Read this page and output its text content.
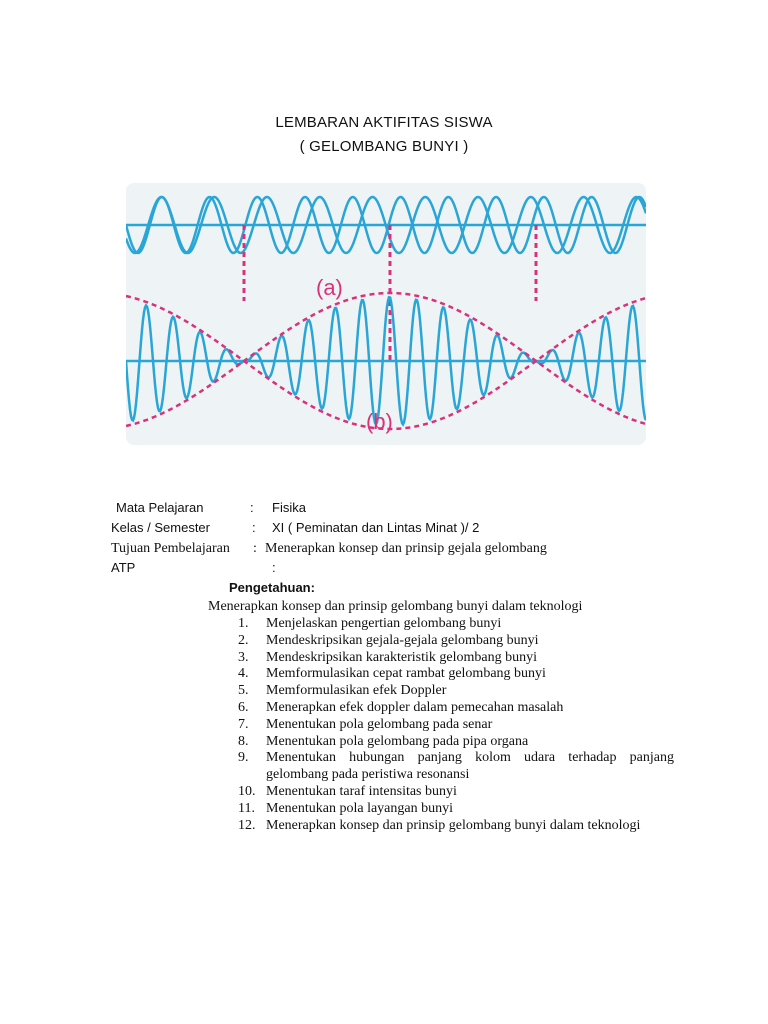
LEMBARAN AKTIFITAS SISWA
( GELOMBANG BUNYI )
(a)
(b)
Mata Pelajaran	: Fisika
Kelas / Semester	: XI ( Peminatan dan Lintas Minat )/ 2
Tujuan Pembelajaran : Menerapkan konsep dan prinsip gejala gelombang
ATP	:
Pengetahuan:
Menerapkan konsep dan prinsip gelombang bunyi dalam teknologi
1.	Menjelaskan pengertian gelombang bunyi
2.	Mendeskripsikan gejala-gejala gelombang bunyi
3.	Mendeskripsikan karakteristik gelombang bunyi
4.	Memformulasikan cepat rambat gelombang bunyi
5.	Memformulasikan efek Doppler
6.	Menerapkan efek doppler dalam pemecahan masalah
7.	Menentukan pola gelombang pada senar
8.	Menentukan pola gelombang pada pipa organa
9.	Menentukan hubungan panjang kolom udara terhadap panjang gelombang pada peristiwa resonansi
10. Menentukan taraf intensitas bunyi
11. Menentukan pola layangan bunyi
12. Menerapkan konsep dan prinsip gelombang bunyi dalam teknologi
